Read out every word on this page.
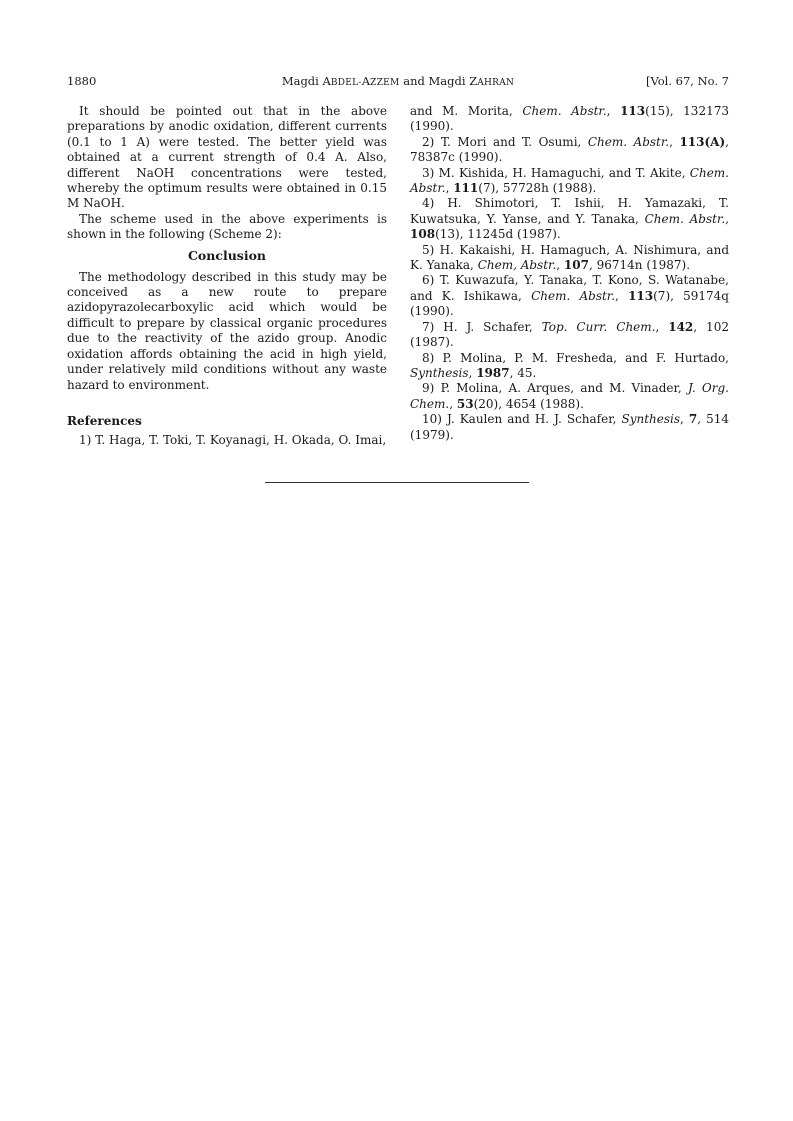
1880	Magdi ABDEL-AZZEM and Magdi ZAHRAN	[Vol. 67, No. 7

It should be pointed out that in the above preparations by anodic oxidation, different currents (0.1 to 1 A) were tested. The better yield was obtained at a current strength of 0.4 A. Also, different NaOH concentrations were tested, whereby the optimum results were obtained in 0.15 M NaOH.

The scheme used in the above experiments is shown in the following (Scheme 2):

Conclusion

The methodology described in this study may be conceived as a new route to prepare azidopyrazolecarboxylic acid which would be difficult to prepare by classical organic procedures due to the reactivity of the azido group. Anodic oxidation affords obtaining the acid in high yield, under relatively mild conditions without any waste hazard to environment.

References

1) T. Haga, T. Toki, T. Koyanagi, H. Okada, O. Imai,

and M. Morita, Chem. Abstr., 113(15), 132173 (1990).

2) T. Mori and T. Osumi, Chem. Abstr., 113(A), 78387c (1990).

3) M. Kishida, H. Hamaguchi, and T. Akite, Chem. Abstr., 111(7), 57728h (1988).

4) H. Shimotori, T. Ishii, H. Yamazaki, T. Kuwatsuka, Y. Yanse, and Y. Tanaka, Chem. Abstr., 108(13), 11245d (1987).

5) H. Kakaishi, H. Hamaguch, A. Nishimura, and K. Yanaka, Chem, Abstr., 107, 96714n (1987).

6) T. Kuwazufa, Y. Tanaka, T. Kono, S. Watanabe, and K. Ishikawa, Chem. Abstr., 113(7), 59174q (1990).

7) H. J. Schafer, Top. Curr. Chem., 142, 102 (1987).

8) P. Molina, P. M. Fresheda, and F. Hurtado, Synthesis, 1987, 45.

9) P. Molina, A. Arques, and M. Vinader, J. Org. Chem., 53(20), 4654 (1988).

10) J. Kaulen and H. J. Schafer, Synthesis, 7, 514 (1979).
